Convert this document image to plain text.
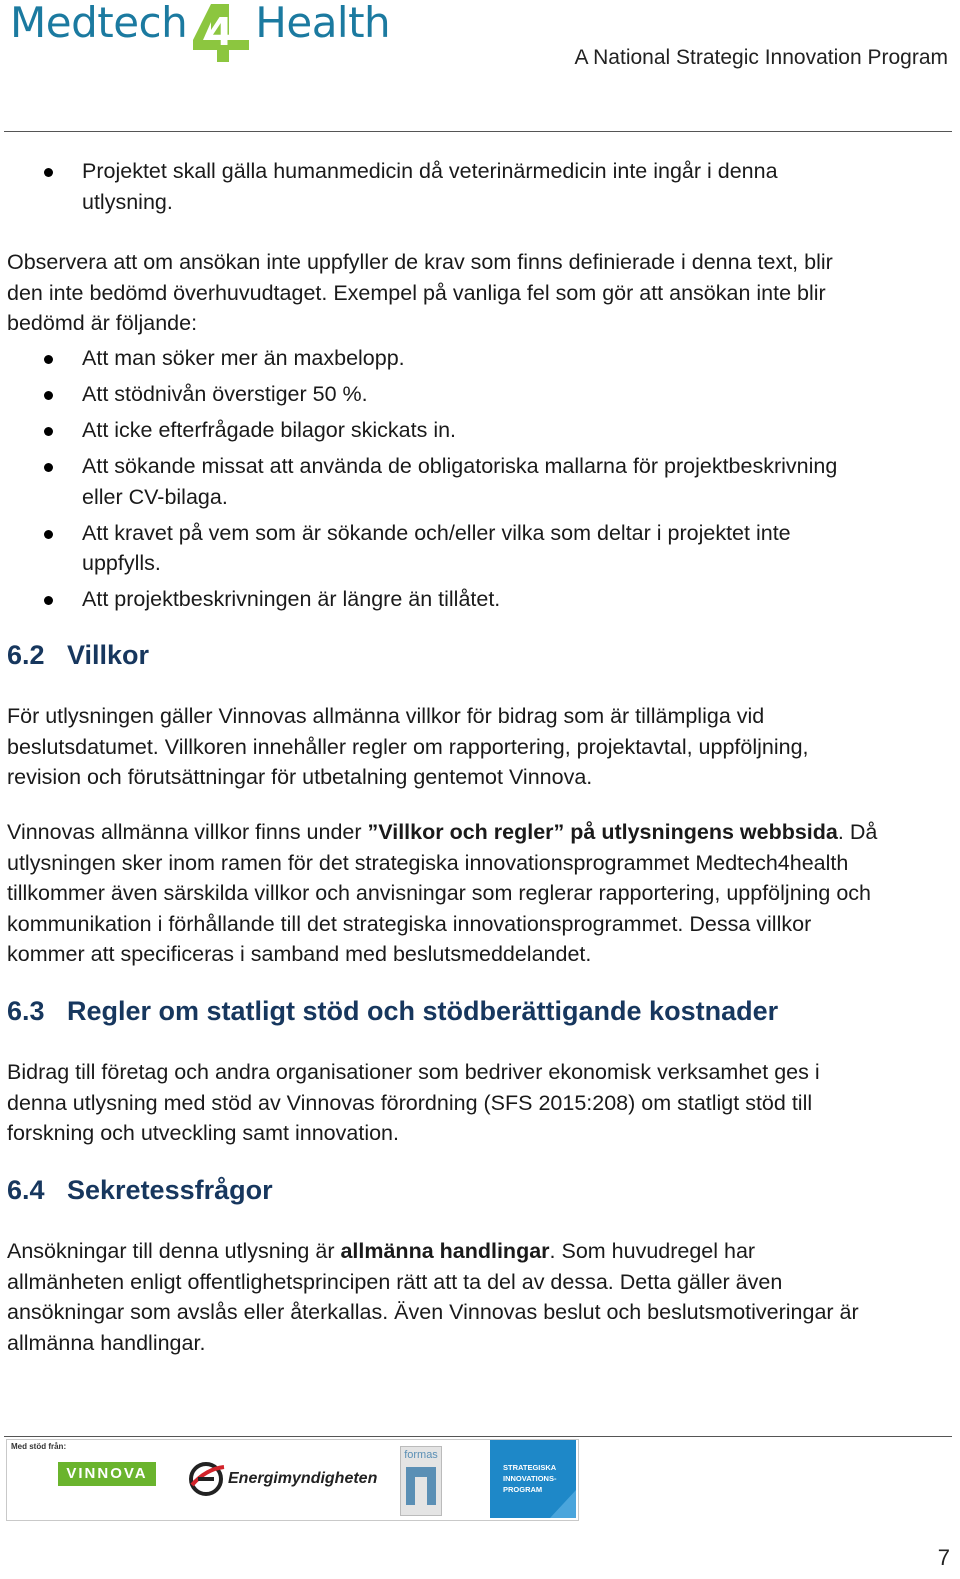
Medtech 4 Health
A National Strategic Innovation Program
Projektet skall gälla humanmedicin då veterinärmedicin inte ingår i denna
utlysning.
Observera att om ansökan inte uppfyller de krav som finns definierade i denna text, blir
den inte bedömd överhuvudtaget. Exempel på vanliga fel som gör att ansökan inte blir
bedömd är följande:
Att man söker mer än maxbelopp.
Att stödnivån överstiger 50 %.
Att icke efterfrågade bilagor skickats in.
Att sökande missat att använda de obligatoriska mallarna för projektbeskrivning
eller CV-bilaga.
Att kravet på vem som är sökande och/eller vilka som deltar i projektet inte
uppfylls.
Att projektbeskrivningen är längre än tillåtet.
6.2 Villkor
För utlysningen gäller Vinnovas allmänna villkor för bidrag som är tillämpliga vid
beslutsdatumet. Villkoren innehåller regler om rapportering, projektavtal, uppföljning,
revision och förutsättningar för utbetalning gentemot Vinnova.
Vinnovas allmänna villkor finns under ”Villkor och regler” på utlysningens webbsida. Då
utlysningen sker inom ramen för det strategiska innovationsprogrammet Medtech4health
tillkommer även särskilda villkor och anvisningar som reglerar rapportering, uppföljning och
kommunikation i förhållande till det strategiska innovationsprogrammet. Dessa villkor
kommer att specificeras i samband med beslutsmeddelandet.
6.3 Regler om statligt stöd och stödberättigande kostnader
Bidrag till företag och andra organisationer som bedriver ekonomisk verksamhet ges i
denna utlysning med stöd av Vinnovas förordning (SFS 2015:208) om statligt stöd till
forskning och utveckling samt innovation.
6.4 Sekretessfrågor
Ansökningar till denna utlysning är allmänna handlingar. Som huvudregel har
allmänheten enligt offentlighetsprincipen rätt att ta del av dessa. Detta gäller även
ansökningar som avslås eller återkallas. Även Vinnovas beslut och beslutsmotiveringar är
allmänna handlingar.
Med stöd från:
VINNOVA	Energimyndigheten
formas
STRATEGISKA
INNOVATIONS-
PROGRAM
7
